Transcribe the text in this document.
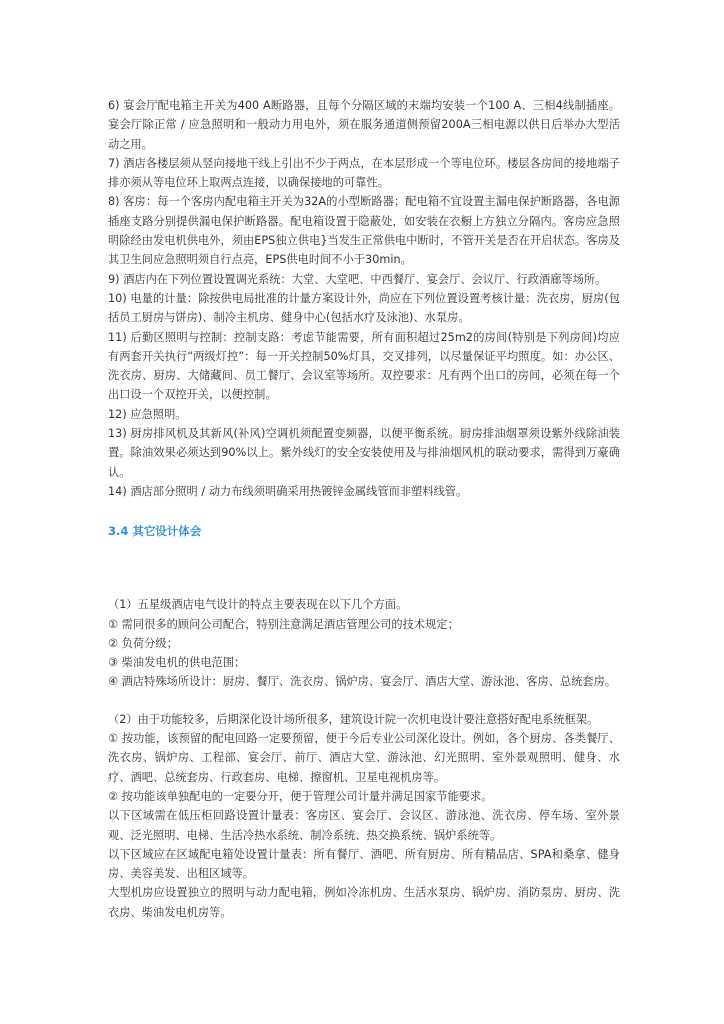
6) 宴会厅配电箱主开关为400 A断路器，且每个分隔区域的末端均安装一个100 A、三相4线制插座。宴会厅除正常 / 应急照明和一般动力用电外，须在服务通道侧预留200A三相电源以供日后举办大型活动之用。

7) 酒店各楼层须从竖向接地干线上引出不少于两点，在本层形成一个等电位环。楼层各房间的接地端子排亦须从等电位环上取两点连接，以确保接地的可靠性。

8) 客房：每一个客房内配电箱主开关为32A的小型断路器；配电箱不宜设置主漏电保护断路器，各电源插座支路分别提供漏电保护断路器。配电箱设置于隐蔽处，如安装在衣橱上方独立分隔内。客房应急照明除经由发电机供电外，须由EPS独立供电}当发生正常供电中断时，不管开关是否在开启状态。客房及其卫生间应急照明须自行点亮，EPS供电时间不小于30min。

9) 酒店内在下列位置设置调光系统：大堂、大堂吧、中西餐厅、宴会厅、会议厅、行政酒廊等场所。

10) 电量的计量：除按供电局批准的计量方案设计外，尚应在下列位置设置考核计量：洗衣房，厨房(包括员工厨房与饼房)、制冷主机房、健身中心(包括水疗及泳池)、水泵房。

11) 后勤区照明与控制：控制支路：考虑节能需要，所有面积超过25m2的房间(特别是下列房间)均应有两套开关执行“两级灯控”：每一开关控制50%灯具，交叉排列，以尽量保证平均照度。如：办公区、洗衣房、厨房、大储藏间、员工餐厅、会议室等场所。双控要求：凡有两个出口的房间，必须在每一个出口设一个双控开关，以便控制。

12) 应急照明。

13) 厨房排风机及其新风(补风)空调机须配置变频器，以便平衡系统。厨房排油烟罩须设紫外线除油装置。除油效果必须达到90%以上。紫外线灯的安全安装使用及与排油烟风机的联动要求，需得到万豪确认。

14) 酒店部分照明 / 动力布线须明确采用热镀锌金属线管而非塑料线管。

3.4 其它设计体会

（1）五星级酒店电气设计的特点主要表现在以下几个方面。

① 需同很多的顾问公司配合，特别注意满足酒店管理公司的技术规定；

② 负荷分级；

③ 柴油发电机的供电范围；

④ 酒店特殊场所设计：厨房、餐厅、洗衣房、锅炉房、宴会厅、酒店大堂、游泳池、客房、总统套房。

（2）由于功能较多，后期深化设计场所很多，建筑设计院一次机电设计要注意搭好配电系统框架。

① 按功能，该预留的配电回路一定要预留，便于今后专业公司深化设计。例如，各个厨房、各类餐厅、洗衣房、锅炉房、工程部、宴会厅、前厅、酒店大堂、游泳池、幻光照明、室外景观照明、健身、水疗、酒吧、总统套房、行政套房、电梯、擦窗机、卫星电视机房等。

② 按功能该单独配电的一定要分开，便于管理公司计量并满足国家节能要求。

以下区域需在低压柜回路设置计量表：客房区、宴会厅、会议区、游泳池、洗衣房、停车场、室外景观、泛光照明、电梯、生活冷热水系统、制冷系统、热交换系统、锅炉系统等。

以下区域应在区域配电箱处设置计量表：所有餐厅、酒吧、所有厨房、所有精品店、SPA和桑拿、健身房、美容美发、出租区域等。

大型机房应设置独立的照明与动力配电箱，例如冷冻机房、生活水泵房、锅炉房、消防泵房、厨房、洗衣房、柴油发电机房等。
